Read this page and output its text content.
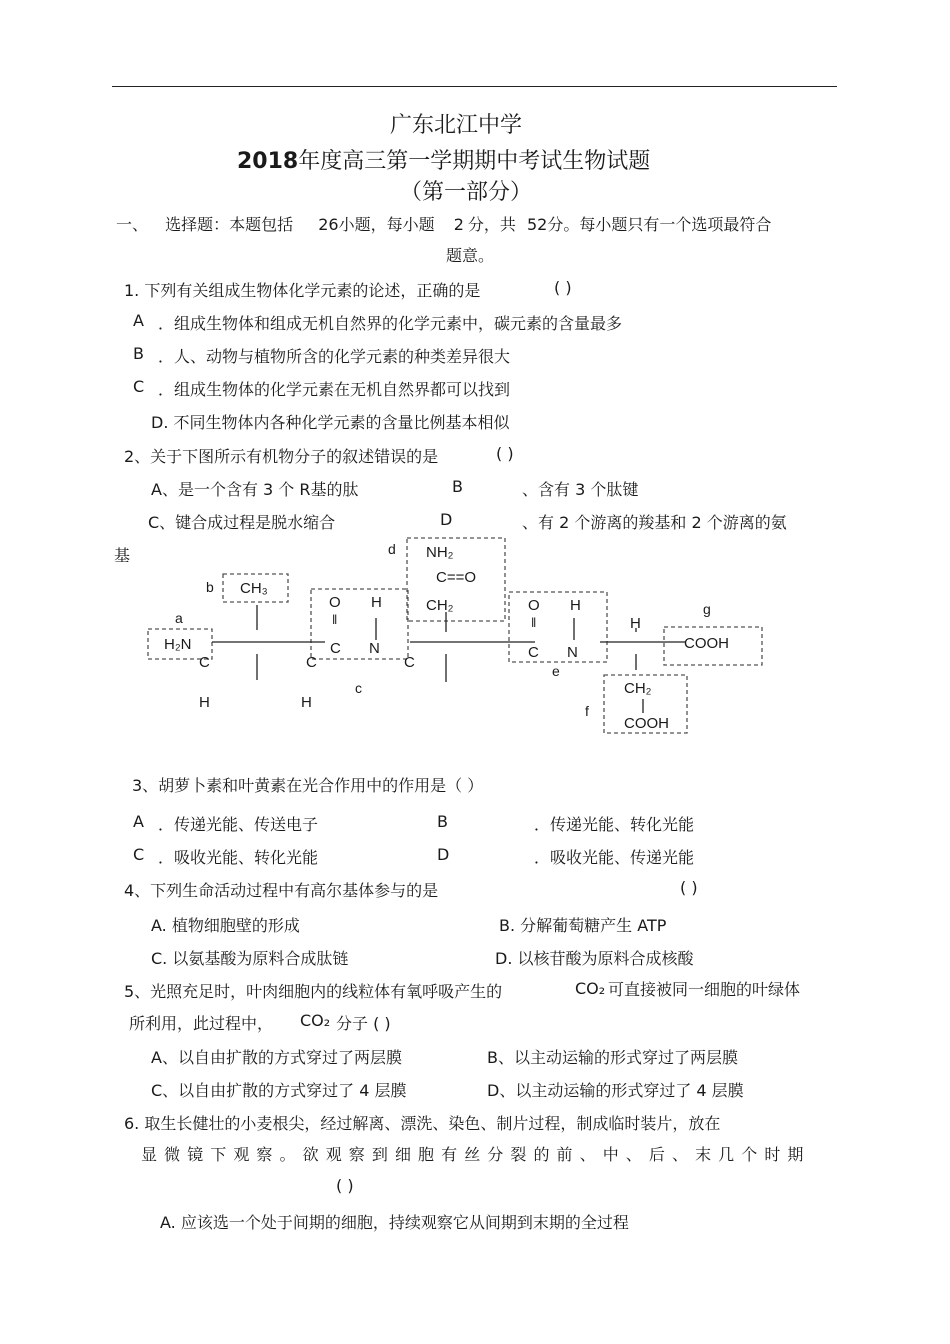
广东北江中学
2018年度高三第一学期期中考试生物试题
（第一部分）
一、 选择题：本题包括 26小题，每小题 2 分，共 52分。每小题只有一个选项最符合
题意。
1. 下列有关组成生物体化学元素的论述，正确的是	( )
A ．组成生物体和组成无机自然界的化学元素中，碳元素的含量最多
B ．人、动物与植物所含的化学元素的种类差异很大
C ．组成生物体的化学元素在无机自然界都可以找到
D. 不同生物体内各种化学元素的含量比例基本相似
2、关于下图所示有机物分子的叙述错误的是	( )
A、是一个含有 3 个 R基的肽	B	、含有 3 个肽键
C、键合成过程是脱水缩合	D	、有 2 个游离的羧基和 2 个游离的氨
基
a
b
c
d
e
f
g
H₂N
C
H
CH₃
C
H
O
‖
C
H
N
C
NH₂
C==O
CH₂	O
‖
C
H
N
H
COOH
CH₂
COOH
3、胡萝卜素和叶黄素在光合作用中的作用是（ ）
A ．传递光能、传送电子	B	．传递光能、转化光能
C ．吸收光能、转化光能	D	．吸收光能、传递光能
4、下列生命活动过程中有高尔基体参与的是	( )
A. 植物细胞壁的形成	B. 分解葡萄糖产生 ATP
C. 以氨基酸为原料合成肽链	D. 以核苷酸为原料合成核酸
5、光照充足时，叶肉细胞内的线粒体有氧呼吸产生的	CO₂ 可直接被同一细胞的叶绿体
所利用，此过程中， CO₂ 分子 ( )
A、以自由扩散的方式穿过了两层膜	B、以主动运输的形式穿过了两层膜
C、以自由扩散的方式穿过了 4 层膜	D、以主动运输的形式穿过了 4 层膜
6. 取生长健壮的小麦根尖，经过解离、漂洗、染色、制片过程，制成临时装片，放在
显 微 镜 下 观 察 。 欲 观 察 到 细 胞 有 丝 分 裂 的 前 、 中 、 后 、 末 几 个 时 期
( )
A. 应该选一个处于间期的细胞，持续观察它从间期到末期的全过程
